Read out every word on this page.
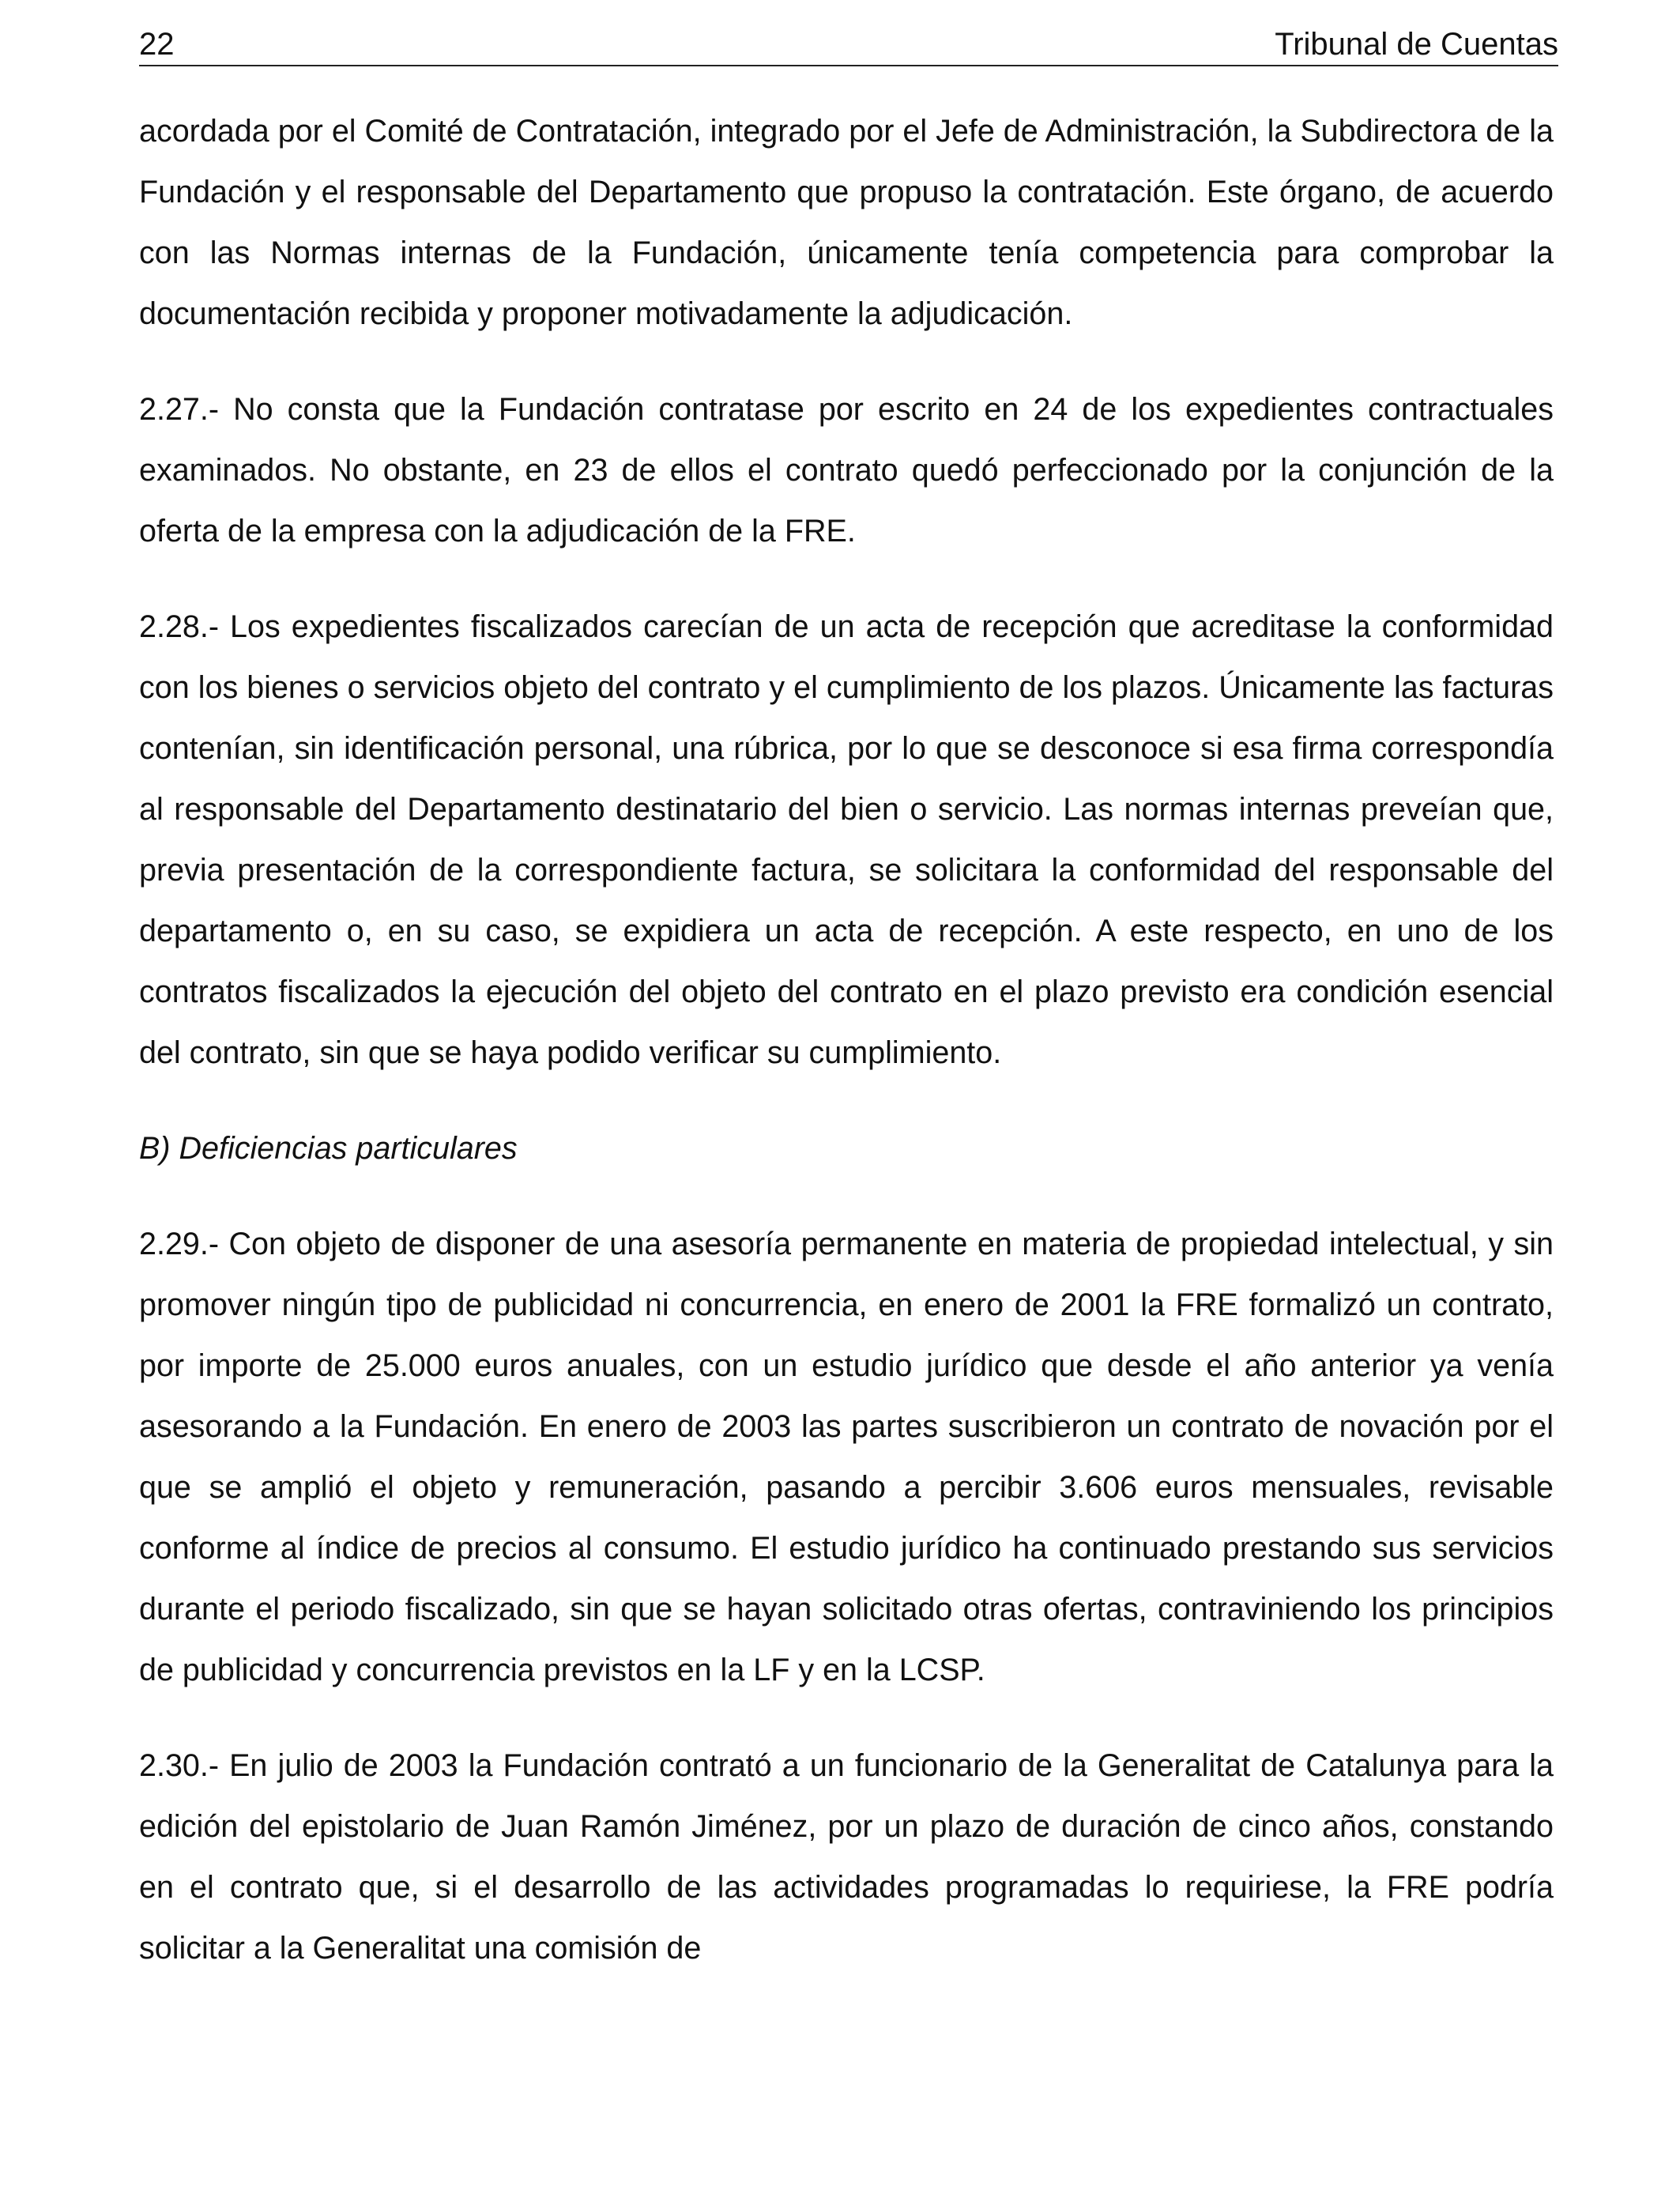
22	Tribunal de Cuentas

acordada por el Comité de Contratación, integrado por el Jefe de Administración, la Subdirectora de la Fundación y el responsable del Departamento que propuso la contratación. Este órgano, de acuerdo con las Normas internas de la Fundación, únicamente tenía competencia para comprobar la documentación recibida y proponer motivadamente la adjudicación.

2.27.- No consta que la Fundación contratase por escrito en 24 de los expedientes contractuales examinados. No obstante, en 23 de ellos el contrato quedó perfeccionado por la conjunción de la oferta de la empresa con la adjudicación de la FRE.

2.28.- Los expedientes fiscalizados carecían de un acta de recepción que acreditase la conformidad con los bienes o servicios objeto del contrato y el cumplimiento de los plazos. Únicamente las facturas contenían, sin identificación personal, una rúbrica, por lo que se desconoce si esa firma correspondía al responsable del Departamento destinatario del bien o servicio. Las normas internas preveían que, previa presentación de la correspondiente factura, se solicitara la conformidad del responsable del departamento o, en su caso, se expidiera un acta de recepción. A este respecto, en uno de los contratos fiscalizados la ejecución del objeto del contrato en el plazo previsto era condición esencial del contrato, sin que se haya podido verificar su cumplimiento.

B) Deficiencias particulares

2.29.- Con objeto de disponer de una asesoría permanente en materia de propiedad intelectual, y sin promover ningún tipo de publicidad ni concurrencia, en enero de 2001 la FRE formalizó un contrato, por importe de 25.000 euros anuales, con un estudio jurídico que desde el año anterior ya venía asesorando a la Fundación. En enero de 2003 las partes suscribieron un contrato de novación por el que se amplió el objeto y remuneración, pasando a percibir 3.606 euros mensuales, revisable conforme al índice de precios al consumo. El estudio jurídico ha continuado prestando sus servicios durante el periodo fiscalizado, sin que se hayan solicitado otras ofertas, contraviniendo los principios de publicidad y concurrencia previstos en la LF y en la LCSP.

2.30.- En julio de 2003 la Fundación contrató a un funcionario de la Generalitat de Catalunya para la edición del epistolario de Juan Ramón Jiménez, por un plazo de duración de cinco años, constando en el contrato que, si el desarrollo de las actividades programadas lo requiriese, la FRE podría solicitar a la Generalitat una comisión de
